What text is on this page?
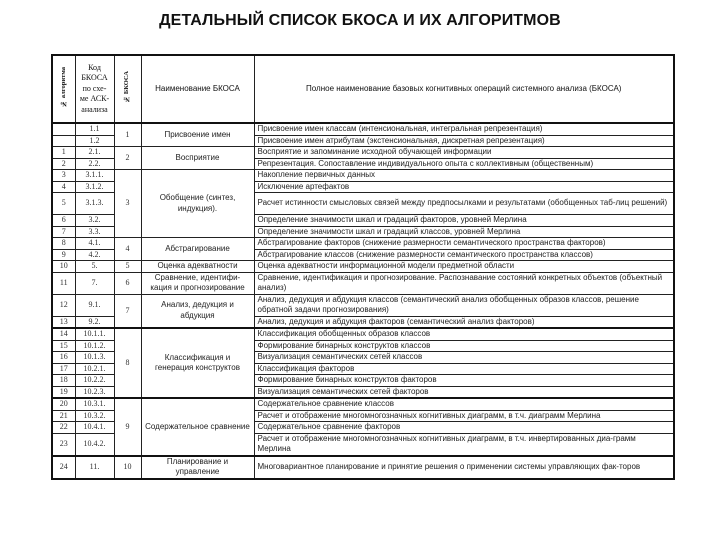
ДЕТАЛЬНЫЙ СПИСОК БКОСА И ИХ АЛГОРИТМОВ
№ алгоритма	Код БКОСА по схе-ме АСК-анализа	№ БКОСА	Наименование БКОСА	Полное наименование базовых когнитивных операций системного анализа (БКОСА)
	1.1	1	Присвоение имен	Присвоение имен классам (интенсиональная, интегральная репрезентация)
	1.2			Присвоение имен атрибутам (экстенсиональная, дискретная репрезентация)
1	2.1.	2	Восприятие	Восприятие и запоминание исходной обучающей информации
2	2.2.			Репрезентация. Сопоставление индивидуального опыта с коллективным (общественным)
3	3.1.1.	3	Обобщение (синтез, индукция).	Накопление первичных данных
4	3.1.2.			Исключение артефактов
5	3.1.3.			Расчет истинности смысловых связей между предпосылками и результатами (обобщенных таб-лиц решений)
6	3.2.			Определение значимости шкал и градаций факторов, уровней Мерлина
7	3.3.			Определение значимости шкал и градаций классов, уровней Мерлина
8	4.1.	4	Абстрагирование	Абстрагирование факторов (снижение размерности семантического пространства факторов)
9	4.2.			Абстрагирование классов (снижение размерности семантического пространства классов)
10	5.	5	Оценка адекватности	Оценка адекватности информационной модели предметной области
11	7.	6	Сравнение, идентифи-кация и прогнозирование	Сравнение, идентификация и прогнозирование. Распознавание состояний конкретных объектов (объектный анализ)
12	9.1.	7	Анализ, дедукция и абдукция	Анализ, дедукция и абдукция классов (семантический анализ обобщенных образов классов, решение обратной задачи прогнозирования)
13	9.2.			Анализ, дедукция и абдукция факторов (семантический анализ факторов)
14	10.1.1.	8	Классификация и генерация конструктов	Классификация обобщенных образов классов
15	10.1.2.			Формирование бинарных конструктов классов
16	10.1.3.			Визуализация семантических сетей классов
17	10.2.1.			Классификация факторов
18	10.2.2.			Формирование бинарных конструктов факторов
19	10.2.3.			Визуализация семантических сетей факторов
20	10.3.1.	9	Содержательное сравнение	Содержательное сравнение классов
21	10.3.2.			Расчет и отображение многомногозначных когнитивных диаграмм, в т.ч. диаграмм Мерлина
22	10.4.1.			Содержательное сравнение факторов
23	10.4.2.			Расчет и отображение многомногозначных когнитивных диаграмм, в т.ч. инвертированных диа-грамм Мерлина
24	11.	10	Планирование и управление	Многовариантное планирование и принятие решения о применении системы управляющих фак-торов
